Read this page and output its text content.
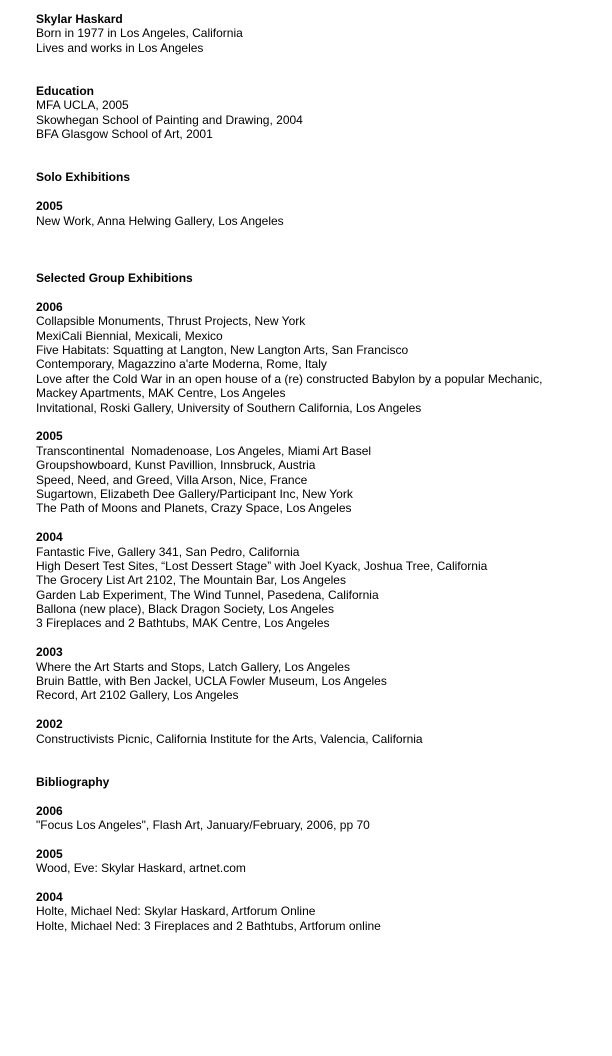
Skylar Haskard
Born in 1977 in Los Angeles, California
Lives and works in Los Angeles
Education
MFA UCLA, 2005
Skowhegan School of Painting and Drawing, 2004
BFA Glasgow School of Art, 2001
Solo Exhibitions
2005
New Work, Anna Helwing Gallery, Los Angeles
Selected Group Exhibitions
2006
Collapsible Monuments, Thrust Projects, New York
MexiCali Biennial, Mexicali, Mexico
Five Habitats: Squatting at Langton, New Langton Arts, San Francisco
Contemporary, Magazzino a'arte Moderna, Rome, Italy
Love after the Cold War in an open house of a (re) constructed Babylon by a popular Mechanic,
Mackey Apartments, MAK Centre, Los Angeles
Invitational, Roski Gallery, University of Southern California, Los Angeles
2005
Transcontinental  Nomadenoase, Los Angeles, Miami Art Basel
Groupshowboard, Kunst Pavillion, Innsbruck, Austria
Speed, Need, and Greed, Villa Arson, Nice, France
Sugartown, Elizabeth Dee Gallery/Participant Inc, New York
The Path of Moons and Planets, Crazy Space, Los Angeles
2004
Fantastic Five, Gallery 341, San Pedro, California
High Desert Test Sites, “Lost Dessert Stage” with Joel Kyack, Joshua Tree, California
The Grocery List Art 2102, The Mountain Bar, Los Angeles
Garden Lab Experiment, The Wind Tunnel, Pasedena, California
Ballona (new place), Black Dragon Society, Los Angeles
3 Fireplaces and 2 Bathtubs, MAK Centre, Los Angeles
2003
Where the Art Starts and Stops, Latch Gallery, Los Angeles
Bruin Battle, with Ben Jackel, UCLA Fowler Museum, Los Angeles
Record, Art 2102 Gallery, Los Angeles
2002
Constructivists Picnic, California Institute for the Arts, Valencia, California
Bibliography
2006
"Focus Los Angeles", Flash Art, January/February, 2006, pp 70
2005
Wood, Eve: Skylar Haskard, artnet.com
2004
Holte, Michael Ned: Skylar Haskard, Artforum Online
Holte, Michael Ned: 3 Fireplaces and 2 Bathtubs, Artforum online
